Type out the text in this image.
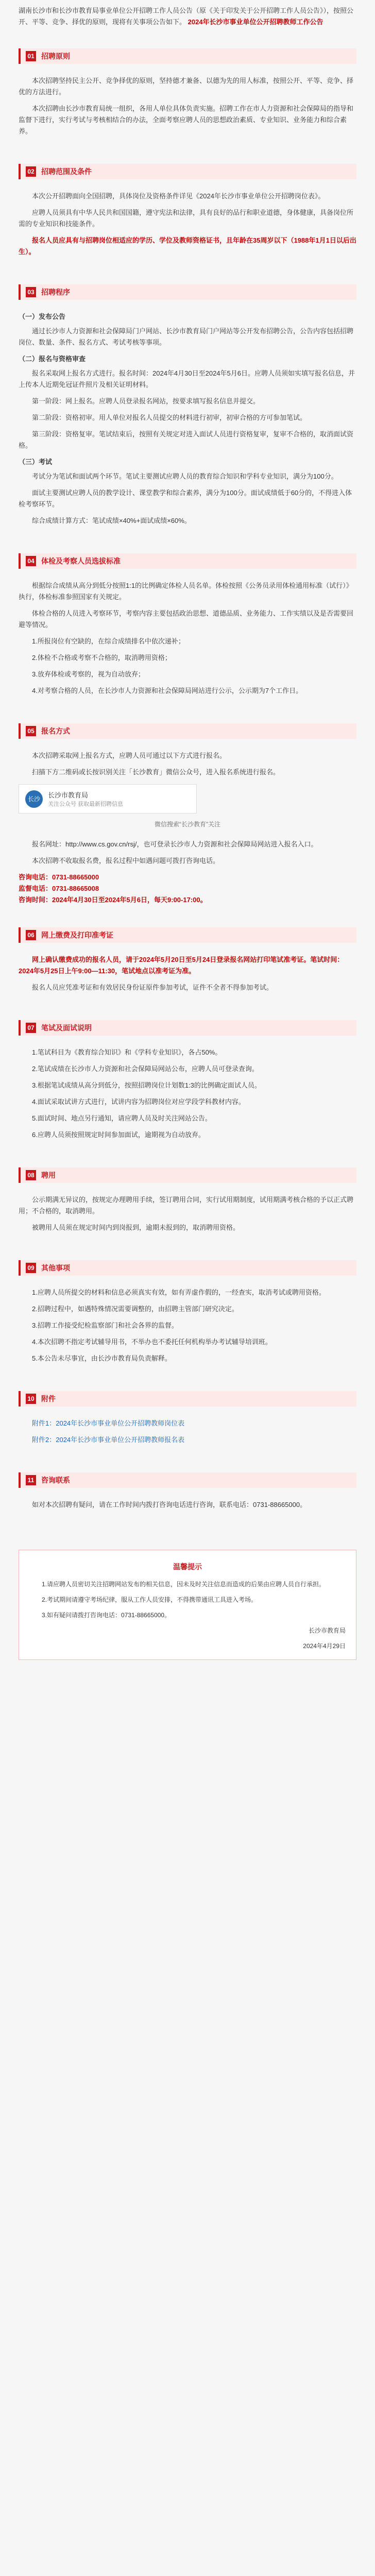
湖南长沙市和长沙市教育局事业单位公开招聘工作人员公告（原《关于印发关于公开招聘工作人员公告》），按照公开、平等、竞争、择优的原则，现将有关事项公告如下。 2024年长沙市事业单位公开招聘教师工作公告
01 招聘原则

本次招聘坚持民主公开、竞争择优的原则，坚持德才兼备、以德为先的用人标准，按照公开、平等、竞争、择优的方法进行。

本次招聘由长沙市教育局统一组织，各用人单位具体负责实施。招聘工作在市人力资源和社会保障局的指导和监督下进行，实行考试与考核相结合的办法，全面考察应聘人员的思想政治素质、专业知识、业务能力和综合素养。

02 招聘范围及条件

本次公开招聘面向全国招聘，具体岗位及资格条件详见《2024年长沙市事业单位公开招聘岗位表》。

应聘人员须具有中华人民共和国国籍，遵守宪法和法律，具有良好的品行和职业道德，身体健康，具备岗位所需的专业知识和技能条件。

报名人员应具有与招聘岗位相适应的学历、学位及教师资格证书，且年龄在35周岁以下（1988年1月1日以后出生）。

03 招聘程序
（一）发布公告

通过长沙市人力资源和社会保障局门户网站、长沙市教育局门户网站等公开发布招聘公告，公告内容包括招聘岗位、数量、条件、报名方式、考试考核等事项。

（二）报名与资格审查

报名采取网上报名方式进行。报名时间：2024年4月30日至2024年5月6日。应聘人员须如实填写报名信息，并上传本人近期免冠证件照片及相关证明材料。

第一阶段：网上报名。应聘人员登录报名网站，按要求填写报名信息并提交。

第二阶段：资格初审。用人单位对报名人员提交的材料进行初审，初审合格的方可参加笔试。

第三阶段：资格复审。笔试结束后，按照有关规定对进入面试人员进行资格复审，复审不合格的，取消面试资格。

（三）考试

考试分为笔试和面试两个环节。笔试主要测试应聘人员的教育综合知识和学科专业知识，满分为100分。

面试主要测试应聘人员的教学设计、课堂教学和综合素养，满分为100分。面试成绩低于60分的，不得进入体检考察环节。

综合成绩计算方式：笔试成绩×40%+面试成绩×60%。

04 体检及考察人员选拔标准

根据综合成绩从高分到低分按照1:1的比例确定体检人员名单。体检按照《公务员录用体检通用标准（试行）》执行，体检标准参照国家有关规定。

体检合格的人员进入考察环节，考察内容主要包括政治思想、道德品质、业务能力、工作实绩以及是否需要回避等情况。

1.所报岗位有空缺的，在综合成绩排名中依次递补；

2.体检不合格或考察不合格的，取消聘用资格；

3.放弃体检或考察的，视为自动放弃；

4.对考察合格的人员，在长沙市人力资源和社会保障局网站进行公示，公示期为7个工作日。

05 报名方式

本次招聘采取网上报名方式，应聘人员可通过以下方式进行报名。

扫描下方二维码或长按识别关注「长沙教育」微信公众号，进入报名系统进行报名。

长沙	长沙市教育局
关注公众号 获取最新招聘信息
微信搜索“长沙教育”关注

报名网址：http://www.cs.gov.cn/rsj/，也可登录长沙市人力资源和社会保障局网站进入报名入口。

本次招聘不收取报名费，报名过程中如遇问题可拨打咨询电话。

咨询电话：0731-88665000

监督电话：0731-88665008

咨询时间：2024年4月30日至2024年5月6日，每天9:00-17:00。

06 网上缴费及打印准考证

网上确认缴费成功的报名人员，请于2024年5月20日至5月24日登录报名网站打印笔试准考证。笔试时间：2024年5月25日上午9:00—11:30，笔试地点以准考证为准。

报名人员应凭准考证和有效居民身份证原件参加考试，证件不全者不得参加考试。

07 笔试及面试说明

1.笔试科目为《教育综合知识》和《学科专业知识》，各占50%。

2.笔试成绩在长沙市人力资源和社会保障局网站公布，应聘人员可登录查询。

3.根据笔试成绩从高分到低分，按照招聘岗位计划数1:3的比例确定面试人员。

4.面试采取试讲方式进行，试讲内容为招聘岗位对应学段学科教材内容。

5.面试时间、地点另行通知，请应聘人员及时关注网站公告。

6.应聘人员须按照规定时间参加面试，逾期视为自动放弃。

08 聘用

公示期满无异议的，按规定办理聘用手续，签订聘用合同，实行试用期制度，试用期满考核合格的予以正式聘用；不合格的，取消聘用。

被聘用人员须在规定时间内到岗报到，逾期未报到的，取消聘用资格。

09 其他事项

1.应聘人员所提交的材料和信息必须真实有效，如有弄虚作假的，一经查实，取消考试或聘用资格。

2.招聘过程中，如遇特殊情况需要调整的，由招聘主管部门研究决定。

3.招聘工作接受纪检监察部门和社会各界的监督。

4.本次招聘不指定考试辅导用书，不举办也不委托任何机构举办考试辅导培训班。

5.本公告未尽事宜，由长沙市教育局负责解释。

10 附件

附件1：2024年长沙市事业单位公开招聘教师岗位表

附件2：2024年长沙市事业单位公开招聘教师报名表

11 咨询联系

如对本次招聘有疑问，请在工作时间内拨打咨询电话进行咨询，联系电话：0731-88665000。

温馨提示

1.请应聘人员密切关注招聘网站发布的相关信息，因未及时关注信息而造成的后果由应聘人员自行承担。

2.考试期间请遵守考场纪律，服从工作人员安排，不得携带通讯工具进入考场。

3.如有疑问请拨打咨询电话：0731-88665000。

长沙市教育局
2024年4月29日
